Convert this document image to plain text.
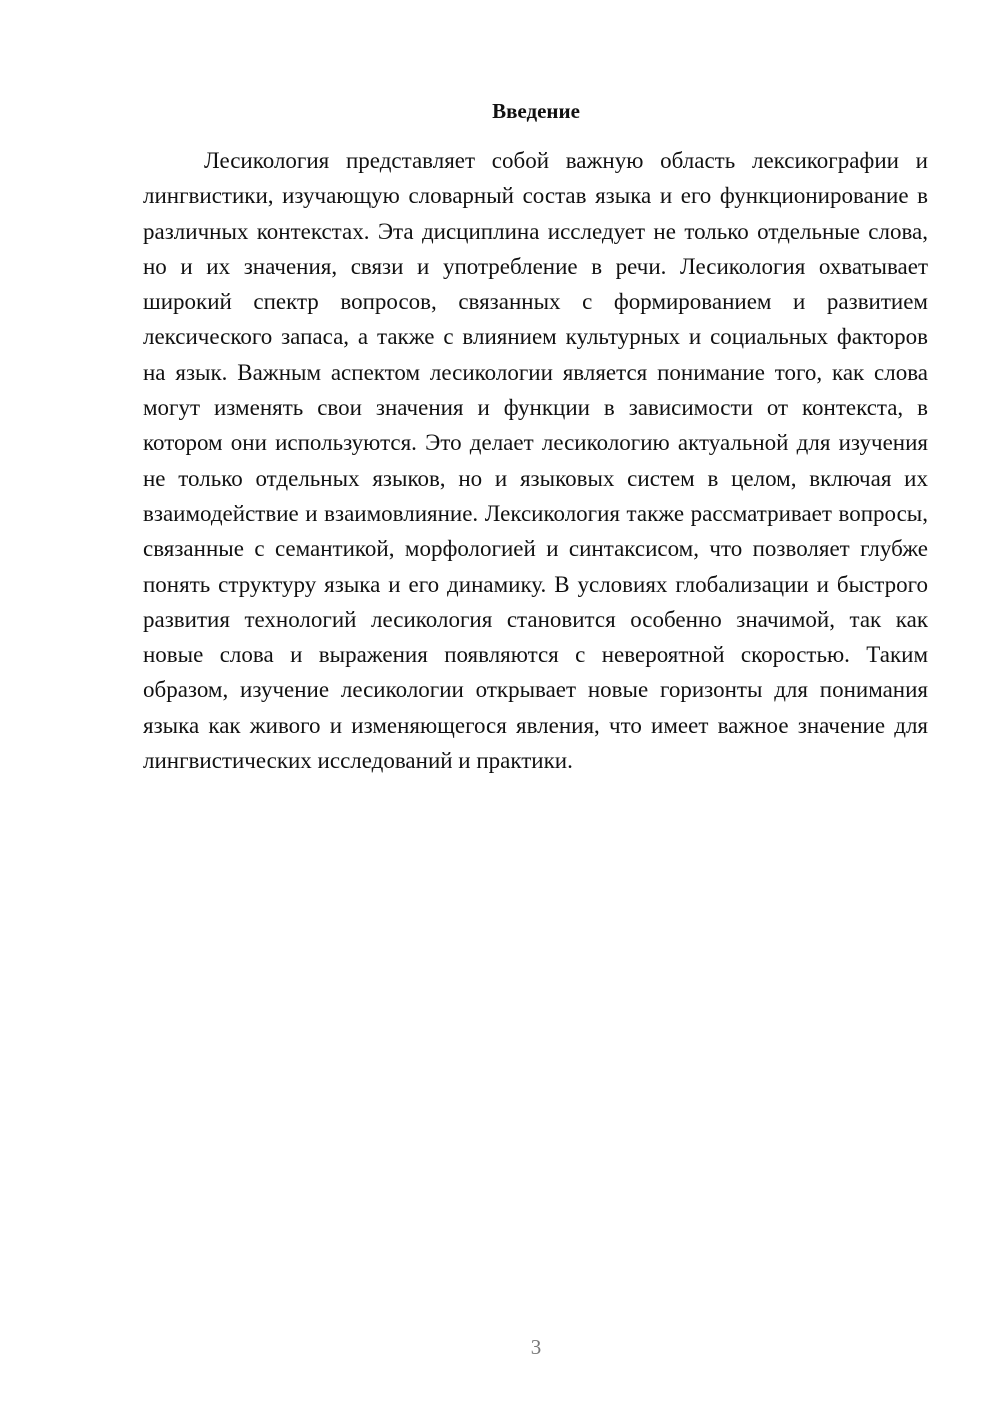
Введение

Лесикология представляет собой важную область лексикографии и лингвистики, изучающую словарный состав языка и его функционирование в различных контекстах. Эта дисциплина исследует не только отдельные слова, но и их значения, связи и употребление в речи. Лесикология охватывает широкий спектр вопросов, связанных с формированием и развитием лексического запаса, а также с влиянием культурных и социальных факторов на язык. Важным аспектом лесикологии является понимание того, как слова могут изменять свои значения и функции в зависимости от контекста, в котором они используются. Это делает лесикологию актуальной для изучения не только отдельных языков, но и языковых систем в целом, включая их взаимодействие и взаимовлияние. Лексикология также рассматривает вопросы, связанные с семантикой, морфологией и синтаксисом, что позволяет глубже понять структуру языка и его динамику. В условиях глобализации и быстрого развития технологий лесикология становится особенно значимой, так как новые слова и выражения появляются с невероятной скоростью. Таким образом, изучение лесикологии открывает новые горизонты для понимания языка как живого и изменяющегося явления, что имеет важное значение для лингвистических исследований и практики.

3
